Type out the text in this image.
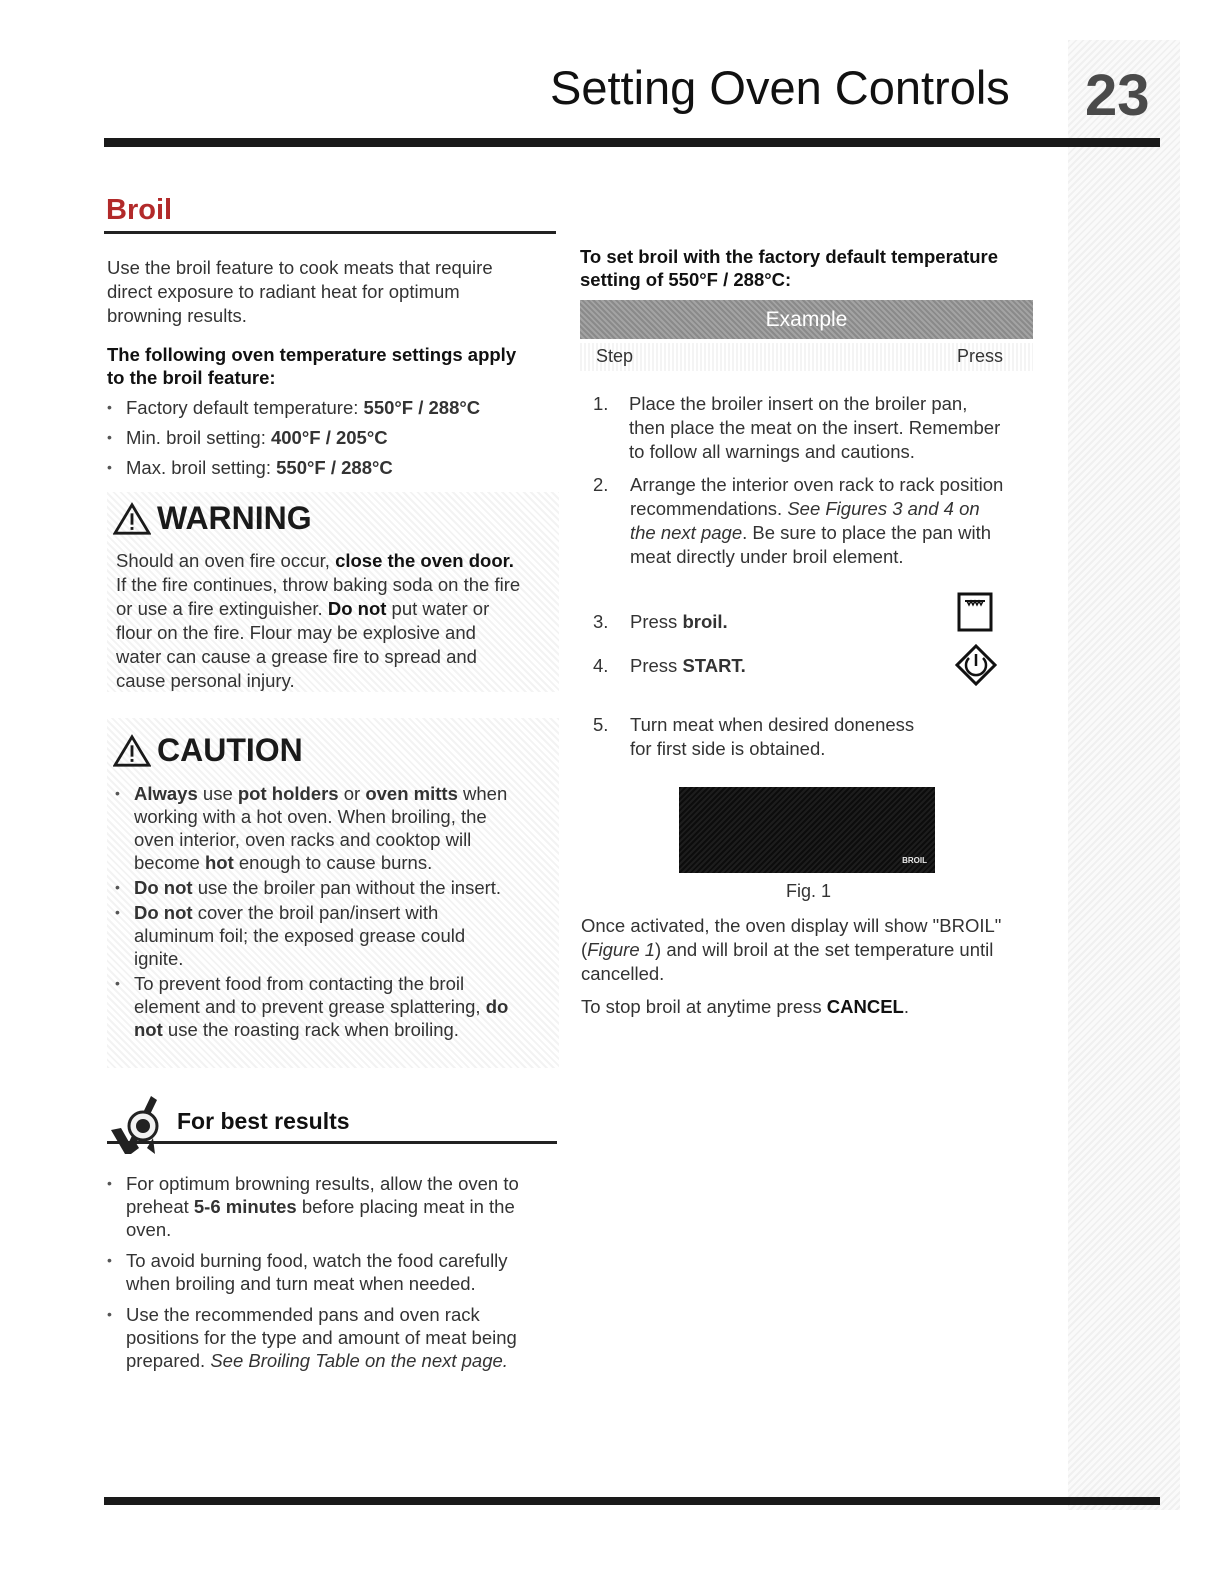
Setting Oven Controls 23
Broil
Use the broil feature to cook meats that require
direct exposure to radiant heat for optimum
browning results.
The following oven temperature settings apply
to the broil feature:
• Factory default temperature: 550°F / 288°C
• Min. broil setting: 400°F / 205°C
• Max. broil setting: 550°F / 288°C
WARNING
Should an oven fire occur, close the oven door.
If the fire continues, throw baking soda on the fire
or use a fire extinguisher. Do not put water or
flour on the fire. Flour may be explosive and
water can cause a grease fire to spread and
cause personal injury.
CAUTION
• Always use pot holders or oven mitts when
working with a hot oven. When broiling, the
oven interior, oven racks and cooktop will
become hot enough to cause burns.
• Do not use the broiler pan without the insert.
• Do not cover the broil pan/insert with
aluminum foil; the exposed grease could
ignite.
• To prevent food from contacting the broil
element and to prevent grease splattering, do
not use the roasting rack when broiling.
For best results
• For optimum browning results, allow the oven to
preheat 5-6 minutes before placing meat in the
oven.
• To avoid burning food, watch the food carefully
when broiling and turn meat when needed.
• Use the recommended pans and oven rack
positions for the type and amount of meat being
prepared. See Broiling Table on the next page.
To set broil with the factory default temperature
setting of 550°F / 288°C:
Example
Step	Press
1. Place the broiler insert on the broiler pan,
then place the meat on the insert. Remember
to follow all warnings and cautions.
2. Arrange the interior oven rack to rack position
recommendations. See Figures 3 and 4 on
the next page. Be sure to place the pan with
meat directly under broil element.
3. Press broil.
4. Press START.
5. Turn meat when desired doneness
for first side is obtained.
BROIL
Fig. 1
Once activated, the oven display will show "BROIL"
(Figure 1) and will broil at the set temperature until
cancelled.
To stop broil at anytime press CANCEL.
